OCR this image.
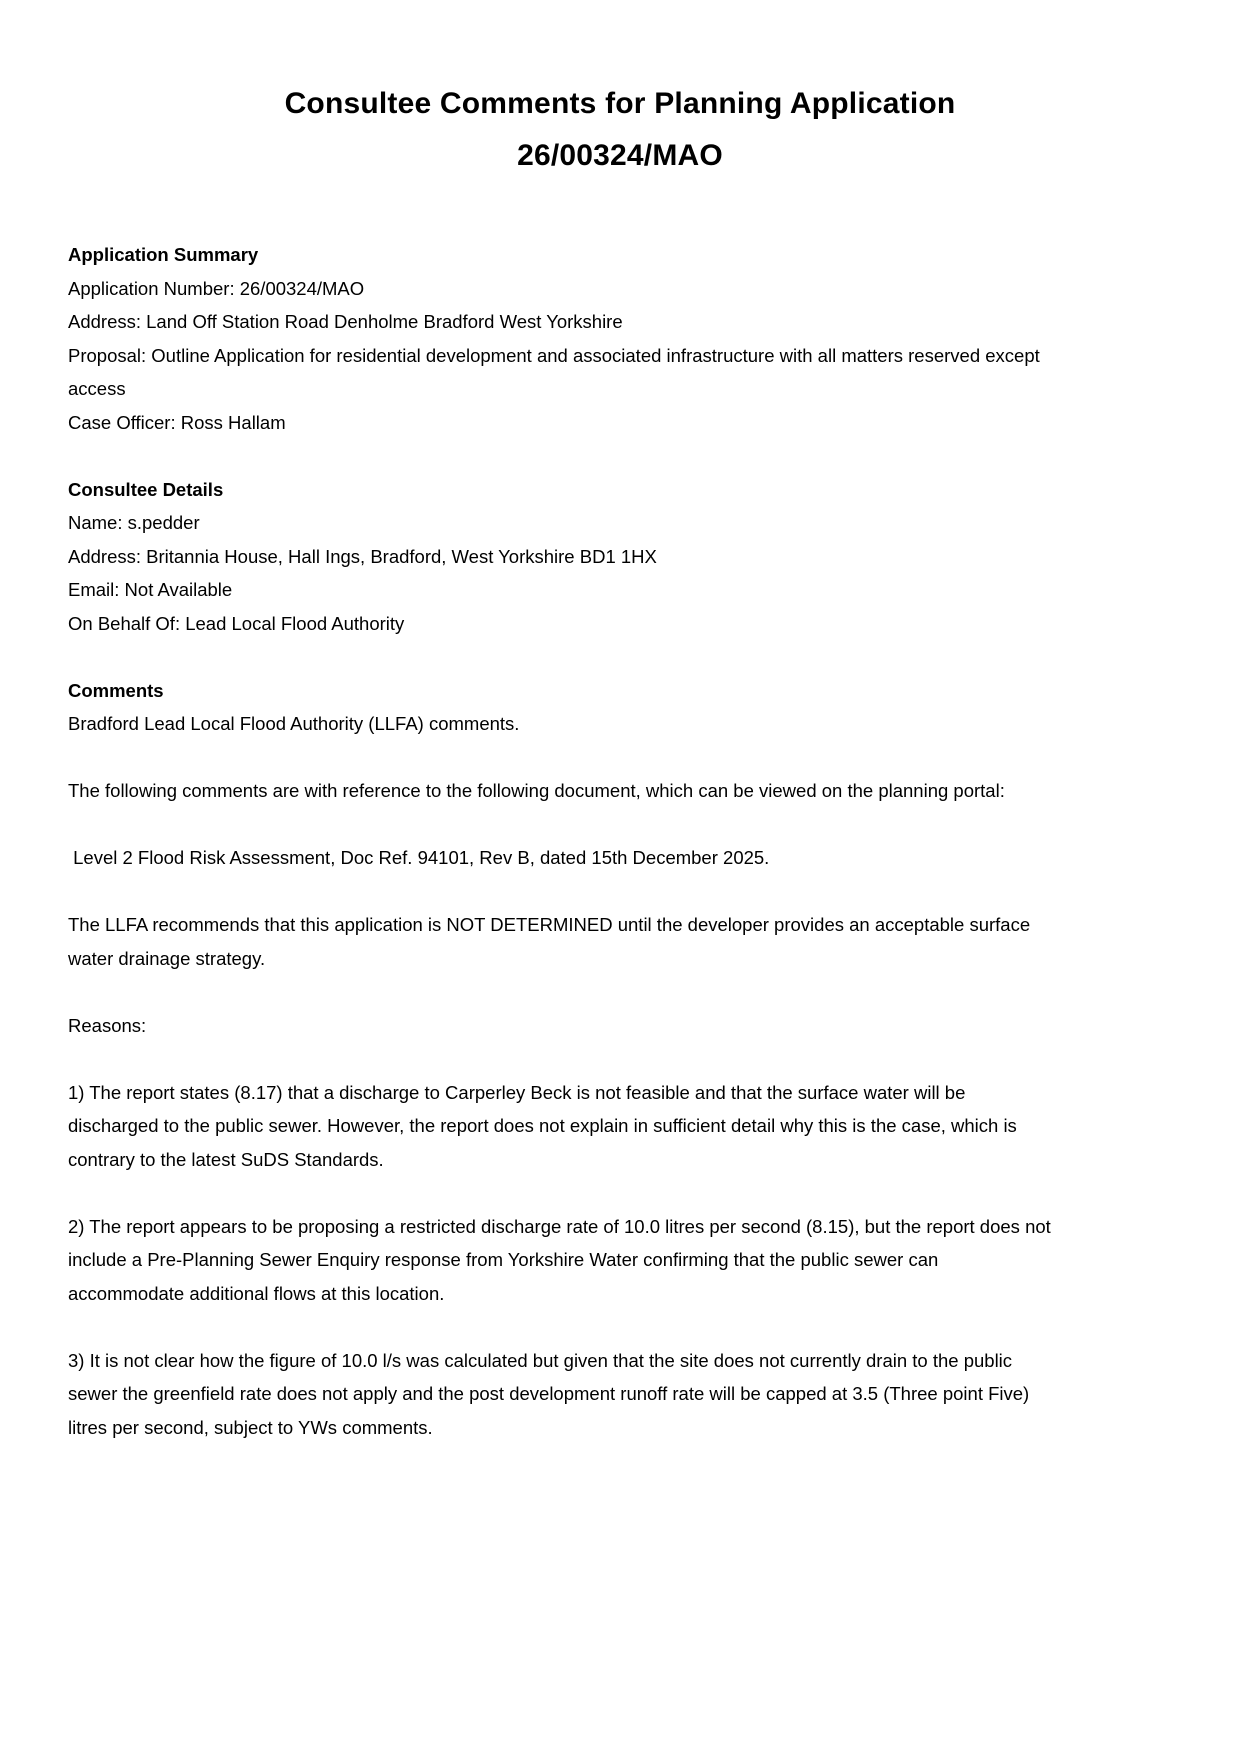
Consultee Comments for Planning Application
26/00324/MAO
Application Summary
Application Number: 26/00324/MAO
Address: Land Off Station Road Denholme Bradford West Yorkshire
Proposal: Outline Application for residential development and associated infrastructure with all matters reserved except access
Case Officer: Ross Hallam
Consultee Details
Name: s.pedder
Address: Britannia House, Hall Ings, Bradford, West Yorkshire BD1 1HX
Email: Not Available
On Behalf Of: Lead Local Flood Authority
Comments

Bradford Lead Local Flood Authority (LLFA) comments.

The following comments are with reference to the following document, which can be viewed on the planning portal:

Level 2 Flood Risk Assessment, Doc Ref. 94101, Rev B, dated 15th December 2025.

The LLFA recommends that this application is NOT DETERMINED until the developer provides an acceptable surface water drainage strategy.

Reasons:

1) The report states (8.17) that a discharge to Carperley Beck is not feasible and that the surface water will be discharged to the public sewer. However, the report does not explain in sufficient detail why this is the case, which is contrary to the latest SuDS Standards.

2) The report appears to be proposing a restricted discharge rate of 10.0 litres per second (8.15), but the report does not include a Pre-Planning Sewer Enquiry response from Yorkshire Water confirming that the public sewer can accommodate additional flows at this location.

3) It is not clear how the figure of 10.0 l/s was calculated but given that the site does not currently drain to the public sewer the greenfield rate does not apply and the post development runoff rate will be capped at 3.5 (Three point Five) litres per second, subject to YWs comments.
